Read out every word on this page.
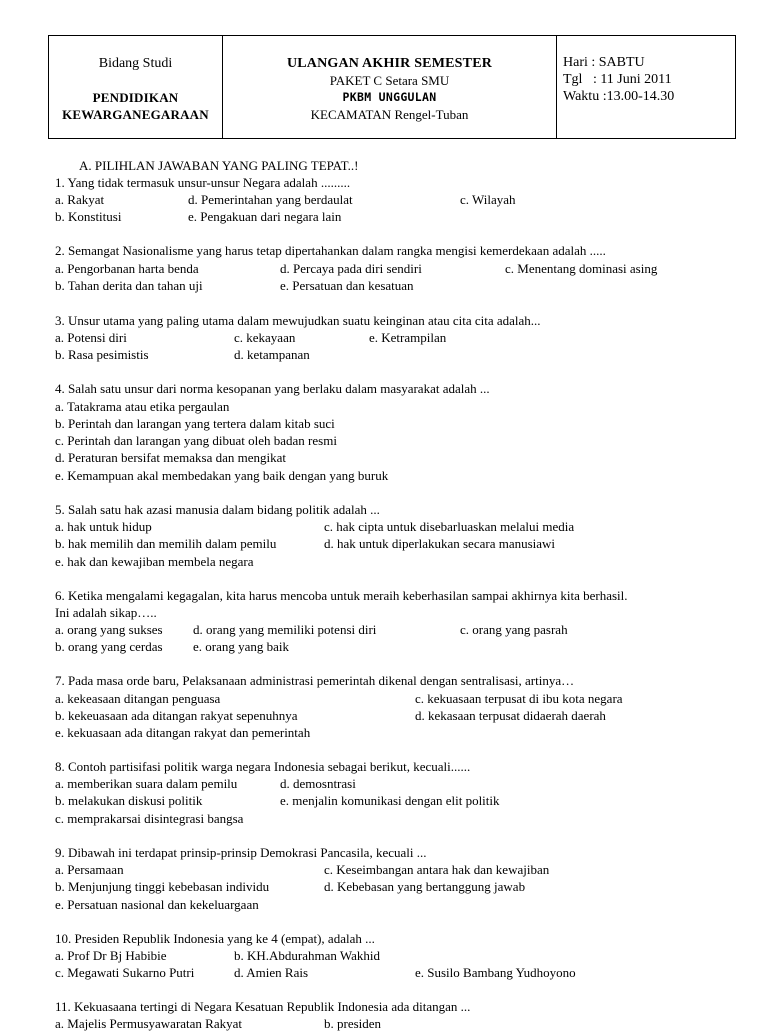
Bidang Studi
PENDIDIKAN
KEWARGANEGARAAN
ULANGAN AKHIR SEMESTER
PAKET C Setara SMU
PKBM UNGGULAN
KECAMATAN Rengel-Tuban
Hari : SABTU
Tgl   : 11 Juni 2011
Waktu :13.00-14.30
A. PILIHLAN JAWABAN YANG PALING TEPAT..!
1. Yang tidak termasuk unsur-unsur Negara adalah .........
a. Rakyat	d. Pemerintahan yang berdaulat	c. Wilayah
b. Konstitusi	e. Pengakuan dari negara lain
2. Semangat Nasionalisme yang harus tetap dipertahankan dalam rangka mengisi kemerdekaan adalah .....
a. Pengorbanan harta benda	d. Percaya pada diri sendiri	c. Menentang dominasi asing
b. Tahan derita dan tahan uji	e. Persatuan dan kesatuan
3. Unsur utama yang paling utama dalam mewujudkan suatu keinginan atau cita cita adalah...
a. Potensi diri	c. kekayaan	e. Ketrampilan
b. Rasa pesimistis	d. ketampanan
4. Salah satu unsur dari norma kesopanan yang berlaku dalam masyarakat adalah ...
a. Tatakrama atau etika pergaulan
b. Perintah dan larangan yang tertera dalam kitab suci
c. Perintah dan larangan yang dibuat oleh badan resmi
d. Peraturan bersifat memaksa dan mengikat
e. Kemampuan akal membedakan yang baik dengan yang buruk
5. Salah satu hak azasi manusia dalam bidang politik adalah ...
a. hak untuk hidup	c. hak cipta untuk disebarluaskan melalui media
b. hak memilih dan memilih dalam pemilu	d. hak untuk diperlakukan secara manusiawi
e. hak dan kewajiban membela negara
6. Ketika mengalami kegagalan, kita harus mencoba untuk meraih keberhasilan sampai akhirnya kita berhasil.
Ini adalah sikap…..
a. orang yang sukses d. orang yang memiliki potensi diri	c. orang yang pasrah
b. orang yang cerdas e. orang yang baik
7. Pada masa orde baru, Pelaksanaan administrasi pemerintah dikenal dengan sentralisasi, artinya…
a. kekeasaan ditangan penguasa	c. kekuasaan terpusat di ibu kota negara
b. kekeuasaan ada ditangan rakyat sepenuhnya	d. kekasaan terpusat didaerah daerah
e. kekuasaan ada ditangan rakyat dan pemerintah
8. Contoh partisifasi politik warga negara Indonesia sebagai berikut, kecuali......
a. memberikan suara dalam pemilu	d. demosntrasi
b. melakukan diskusi politik	e. menjalin komunikasi dengan elit politik
c. memprakarsai disintegrasi bangsa
9. Dibawah ini terdapat prinsip-prinsip Demokrasi Pancasila, kecuali ...
a. Persamaan	c. Keseimbangan antara hak dan kewajiban
b. Menjunjung tinggi kebebasan individu	d. Kebebasan yang bertanggung jawab
e. Persatuan nasional dan kekeluargaan
10. Presiden Republik Indonesia yang ke 4 (empat), adalah ...
a. Prof Dr Bj Habibie	b. KH.Abdurahman Wakhid
c. Megawati Sukarno Putri	d. Amien Rais	e. Susilo Bambang Yudhoyono
11. Kekuasaana tertingi di Negara Kesatuan Republik Indonesia ada ditangan ...
a. Majelis Permusyawaratan Rakyat	b. presiden
